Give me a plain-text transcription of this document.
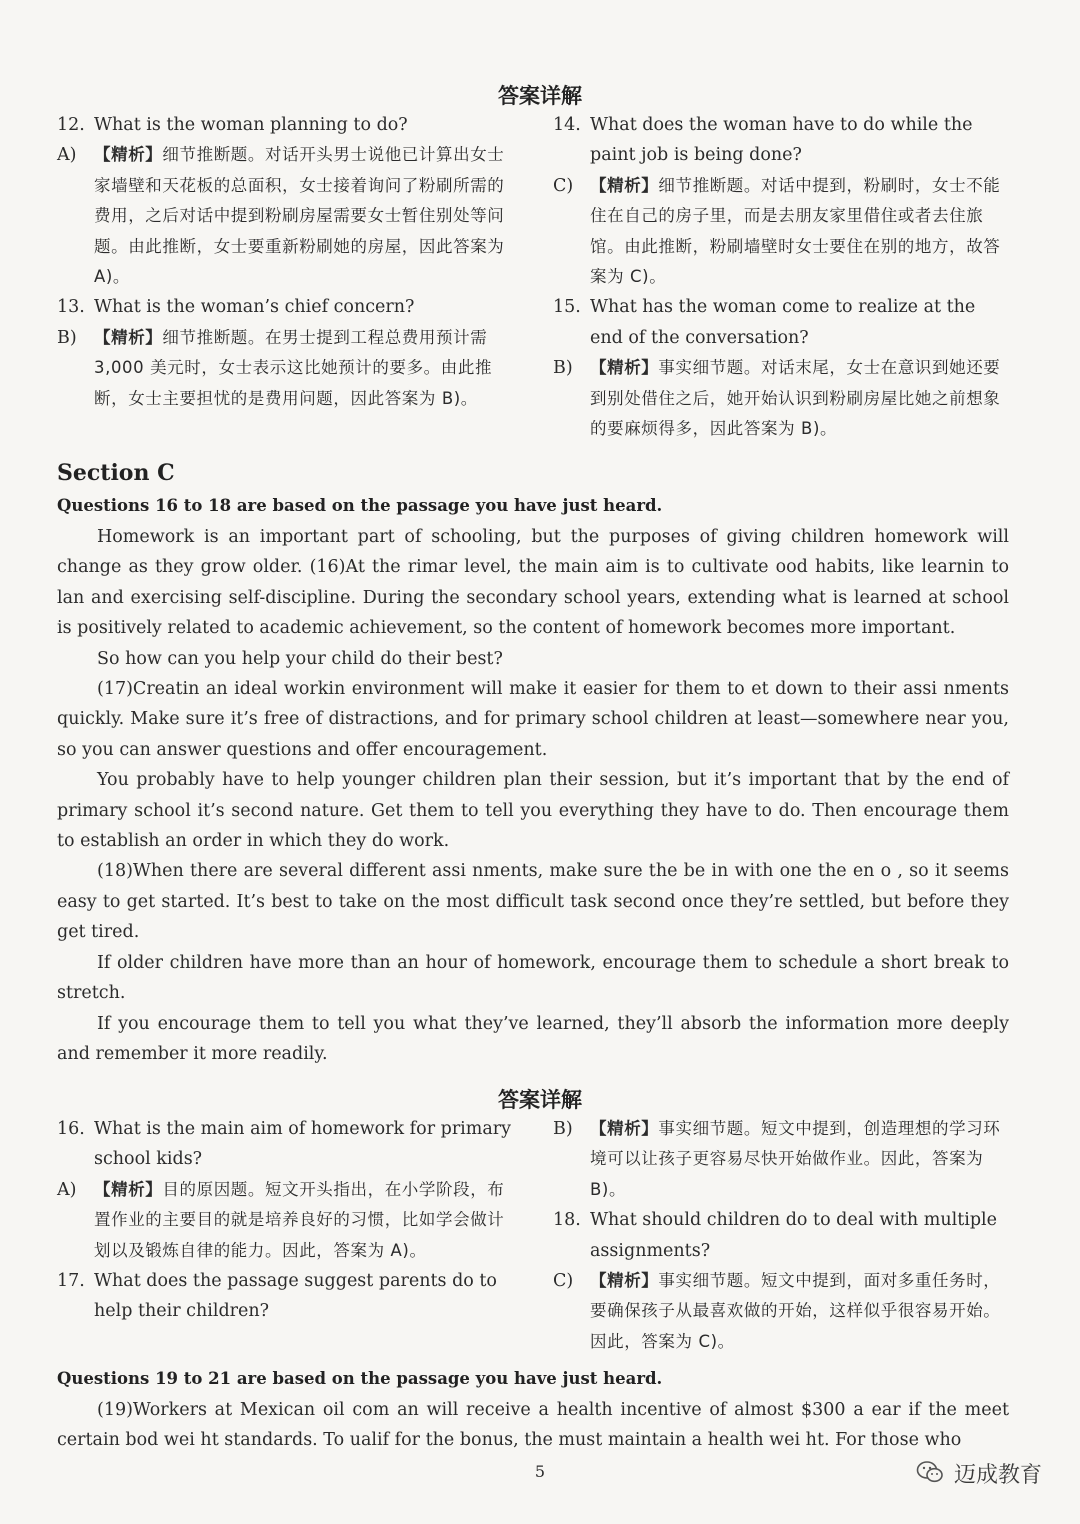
答案详解
12. What is the woman planning to do?
A) 【精析】细节推断题。对话开头男士说他已计算出女士家墙壁和天花板的总面积，女士接着询问了粉刷所需的费用，之后对话中提到粉刷房屋需要女士暂住别处等问题。由此推断，女士要重新粉刷她的房屋，因此答案为 A)。
13. What is the woman’s chief concern?
B) 【精析】细节推断题。在男士提到工程总费用预计需 3,000 美元时，女士表示这比她预计的要多。由此推断，女士主要担忧的是费用问题，因此答案为 B)。
14. What does the woman have to do while the paint job is being done?
C) 【精析】细节推断题。对话中提到，粉刷时，女士不能住在自己的房子里，而是去朋友家里借住或者去住旅馆。由此推断，粉刷墙壁时女士要住在别的地方，故答案为 C)。
15. What has the woman come to realize at the end of the conversation?
B) 【精析】事实细节题。对话末尾，女士在意识到她还要到别处借住之后，她开始认识到粉刷房屋比她之前想象的要麻烦得多，因此答案为 B)。
Section C
Questions 16 to 18 are based on the passage you have just heard.

Homework is an important part of schooling, but the purposes of giving children homework will change as they grow older. (16)At the rimar level, the main aim is to cultivate ood habits, like learnin to lan and exercising self-discipline. During the secondary school years, extending what is learned at school is positively related to academic achievement, so the content of homework becomes more important.

So how can you help your child do their best?

(17)Creatin an ideal workin environment will make it easier for them to et down to their assi nments quickly. Make sure it’s free of distractions, and for primary school children at least—somewhere near you, so you can answer questions and offer encouragement.

You probably have to help younger children plan their session, but it’s important that by the end of primary school it’s second nature. Get them to tell you everything they have to do. Then encourage them to establish an order in which they do work.

(18)When there are several different assi nments, make sure the be in with one the en o , so it seems easy to get started. It’s best to take on the most difficult task second once they’re settled, but before they get tired.

If older children have more than an hour of homework, encourage them to schedule a short break to stretch.

If you encourage them to tell you what they’ve learned, they’ll absorb the information more deeply and remember it more readily.

答案详解
16. What is the main aim of homework for primary school kids?
A) 【精析】目的原因题。短文开头指出，在小学阶段，布置作业的主要目的就是培养良好的习惯，比如学会做计划以及锻炼自律的能力。因此，答案为 A)。
17. What does the passage suggest parents do to help their children?
B) 【精析】事实细节题。短文中提到，创造理想的学习环境可以让孩子更容易尽快开始做作业。因此，答案为 B)。
18. What should children do to deal with multiple assignments?
C) 【精析】事实细节题。短文中提到，面对多重任务时，要确保孩子从最喜欢做的开始，这样似乎很容易开始。因此，答案为 C)。
Questions 19 to 21 are based on the passage you have just heard.

(19)Workers at Mexican oil com an will receive a health incentive of almost $300 a ear if the meet certain bod wei ht standards. To ualif for the bonus, the must maintain a health wei ht. For those who

5	迈成教育
